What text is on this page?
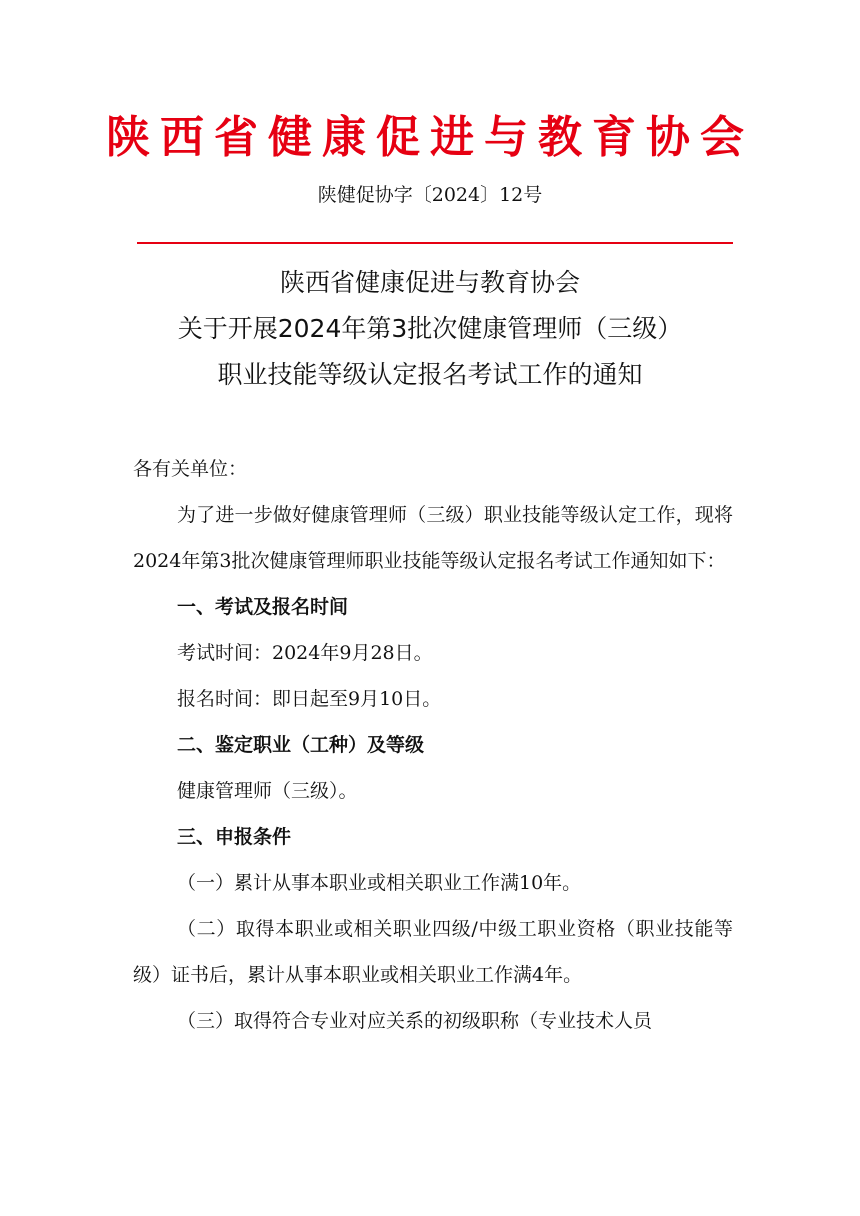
陕西省健康促进与教育协会
陕健促协字〔2024〕12号
陕西省健康促进与教育协会
关于开展2024年第3批次健康管理师（三级）
职业技能等级认定报名考试工作的通知

各有关单位：

为了进一步做好健康管理师（三级）职业技能等级认定工作，现将2024年第3批次健康管理师职业技能等级认定报名考试工作通知如下：

一、考试及报名时间

考试时间：2024年9月28日。

报名时间：即日起至9月10日。

二、鉴定职业（工种）及等级

健康管理师（三级）。

三、申报条件

（一）累计从事本职业或相关职业工作满10年。

（二）取得本职业或相关职业四级/中级工职业资格（职业技能等级）证书后，累计从事本职业或相关职业工作满4年。

（三）取得符合专业对应关系的初级职称（专业技术人员
